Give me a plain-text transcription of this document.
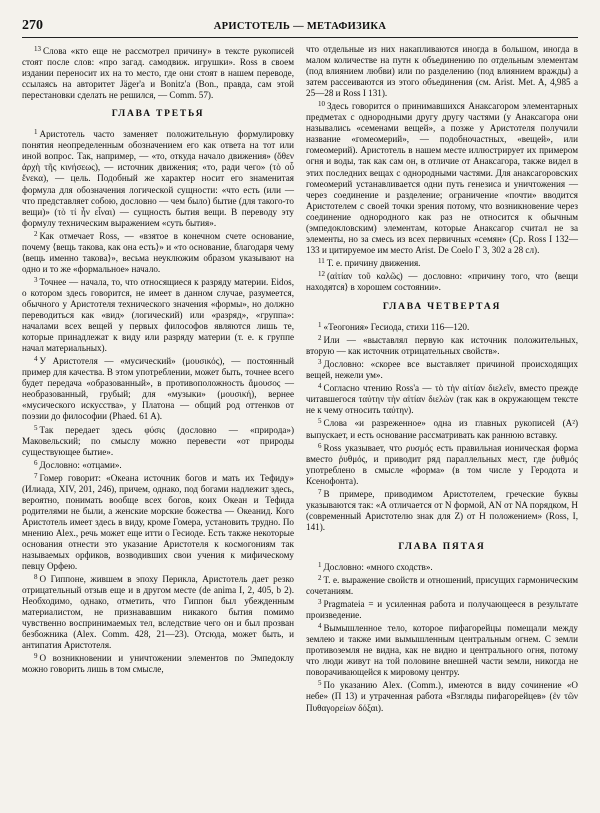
270	АРИСТОТЕЛЬ — МЕТАФИЗИКА

$^{13}$ Слова «кто еще не рассмотрел причину» в тексте рукописей стоят после слов: «про загад. самодвиж. игрушки». Ross в своем издании переносит их на то место, где они стоят в нашем переводе, ссылаясь на авторитет Jäger'a и Bonitz'a (Bon., правда, сам этой перестановки сделать не решился, — Comm. 57).

ГЛАВА ТРЕТЬЯ

$^1$ Аристотель часто заменяет положительную формулировку понятия неопределенным обозначением его как ответа на тот или иной вопрос. Так, например, — «то, откуда начало движения» (ὅθεν ἀρχὴ τῆς κινήσεως), — источник движения; «то, ради чего» (τὸ οὗ ἕνεκα), — цель. Подобный же характер носит его знаменитая формула для обозначения логической сущности: «что есть (или — что представляет собою, дословно — чем было) бытие (для такого-то вещи)» (τὸ τί ἦν εἶναι) — сущность бытия вещи. В переводу эту формулу техническим выражением «суть бытия».

$^2$ Как отмечает Ross, — «взятое в конечном счете основание, почему ⟨вещь такова, как она есть⟩» и «то основание, благодаря чему ⟨вещь именно такова⟩», весьма неуклюжим образом указывают на одно и то же «формальное» начало.

$^3$ Точнее — начала, то, что относящиеся к разряду материи. Eidos, о котором здесь говорится, не имеет в данном случае, разумеется, обычного у Аристотеля технического значения «формы», но должно переводиться как «вид» (логический) или «разряд», «группа»: началами всех вещей у первых философов являются лишь те, которые принадлежат к виду или разряду материи (т. е. к группе начал материальных).

$^4$ У Аристотеля — «мусический» (μουσικός), — постоянный пример для качества. В этом употреблении, может быть, точнее всего будет передача «образованный», в противоположность ἄμουσος — необразованный, грубый; для «музыки» (μουσική), вернее «мусического искусства», у Платона — общий род оттенков от поэзии до философии (Phaed. 61 A).

$^5$ Так передает здесь φύσις (дословно — «природа») Маковельский; по смыслу можно перевести «от природы существующее бытие».

$^6$ Дословно: «отцами».

$^7$ Гомер говорит: «Океана источник богов и мать их Тефиду» (Илиада, XIV, 201, 246), причем, однако, под богами надлежит здесь, вероятно, понимать вообще всех богов, коих Океан и Тефида родителями не были, а женские морские божества — Океанид. Кого Аристотель имеет здесь в виду, кроме Гомера, установить трудно. По мнению Alex., речь может еще итти о Гесиоде. Есть также некоторые основания отнести это указание Аристотеля к космогониям так называемых орфиков, возводивших свои учения к мифическому певцу Орфею.

$^8$ О Гиппоне, жившем в эпоху Перикла, Аристотель дает резко отрицательный отзыв еще и в другом месте (de anima I, 2, 405, b 2). Необходимо, однако, отметить, что Гиппон был убежденным материалистом, не признававшим никакого бытия помимо чувственно воспринимаемых тел, вследствие чего он и был прозван безбожника (Alex. Comm. 428, 21—23). Отсюда, может быть, и антипатия Аристотеля.

$^9$ О возникновении и уничтожении элементов по Эмпедоклу можно говорить лишь в том смысле,

что отдельные из них накапливаются иногда в большом, иногда в малом количестве на путн к объединению по отдельным элементам (под влиянием любви) или по разделению (под влиянием вражды) а затем рассеиваются из этого объединения (см. Arist. Met. A, 4,985 а 25—28 и Ross I 131).

$^{10}$ Здесь говорится о принимавшихся Анаксагором элементарных предметах с однородными другу другу частями (у Анаксагора они назывались «семенами вещей», а позже у Аристотеля получили название «гомеомерий», — подобночастных, «вещей», или гомеомерий). Аристотель в нашем месте иллюстрирует их примером огня и воды, так как сам он, в отличие от Анаксагора, также видел в этих последних вещах с однородными частями. Для анаксагоровских гомеомерий устанавливается одни путь генезиса и уничтожения — через соединение и разделение; ограничение «почти» вводится Аристотелем с своей точки зрения потому, что возникновение через соединение однородного как раз не относится к обычным (эмпедокловским) элементам, которые Анаксагор считал не за элементы, но за смесь из всех первичных «семян» (Ср. Ross I 132—133 и цитируемое им место Arist. De Coelo Г 3, 302 а 28 сл).

$^{11}$ Т. е. причину движения.

$^{12}$ (αἰτίαν τοῦ καλῶς) — дословно: «причину того, что ⟨вещи находятся⟩ в хорошем состоянии».

ГЛАВА ЧЕТВЕРТАЯ

$^1$ «Теогония» Гесиода, стихи 116—120.

$^2$ Или — «выставлял первую как источник положительных, вторую — как источник отрицательных свойств».

$^3$ Дословно: «скорее все выставляет причиной происходящих вещей, нежели ум».

$^4$ Согласно чтению Ross'а — τὸ τὴν αἰτίαν διελεῖν, вместо прежде читавшегося ταύτην τὴν αἰτίαν διελὼν (так как в окружающем тексте не к чему относить ταύτην).

$^5$ Слова «и разреженное» одна из главных рукописей (A²) выпускает, и есть основание рассматривать как раннюю вставку.

$^6$ Ross указывает, что ρυσμός есть правильная ионическая форма вместо ῥυθμός, и приводит ряд параллельных мест, где ῥυθμός употреблено в смысле «форма» (в том числе у Геродота и Ксенофонта).

$^7$ В примере, приводимом Аристотелем, греческие буквы указываются так: «А отличается от N формой, AN от NA порядком, H (современный Аристотелю знак для Z) от H положением» (Ross, I, 141).

ГЛАВА ПЯТАЯ

$^1$ Дословно: «много сходств».

$^2$ Т. е. выражение свойств и отношений, присущих гармоническим сочетаниям.

$^3$ Pragmateia = и усиленная работа и получающееся в результате произведение.

$^4$ Вымышленное тело, которое пифагорейцы помещали между землею и также ими вымышленным центральным огнем. С земли противоземля не видна, как не видно и центрального огня, потому что люди живут на той половине внешней части земли, никогда не поворачивающейся к мировому центру.

$^5$ По указанию Alex. (Comm.), имеются в виду сочинение «О небе» (П 13) и утраченная работа «Взгляды пифагорейцев» (ἐν τῶν Πυθαγορείων δόξαι).
